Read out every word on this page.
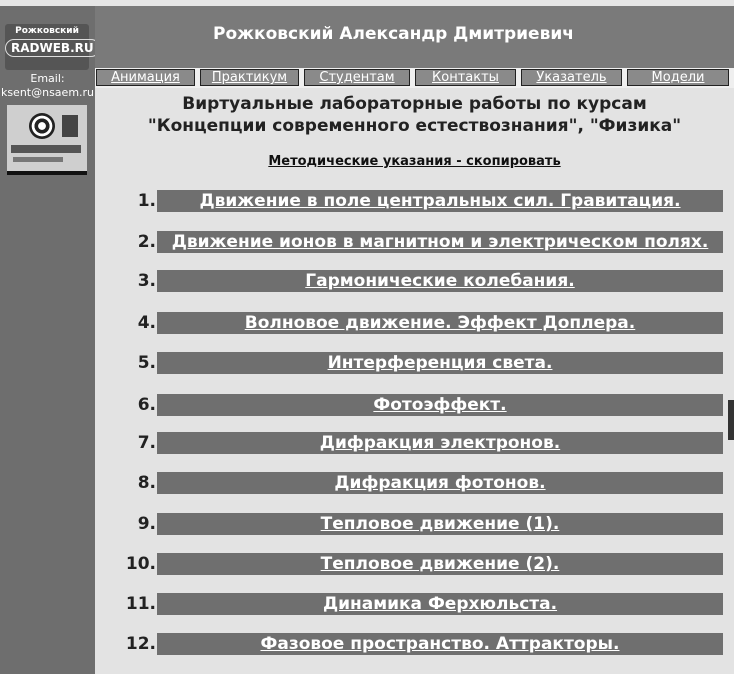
Рожковский
RADWEB.RU
Email:
ksent@nsaem.ru
Рожковский Александр Дмитриевич
Анимация	Практикум	Студентам	Контакты	Указатель	Модели
Виртуальные лабораторные работы по курсам
"Концепции современного естествознания", "Физика"
Методические указания - скопировать
1.	Движение в поле центральных сил. Гравитация.
2. Движение ионов в магнитном и электрическом полях.
3.	Гармонические колебания.
4.	Волновое движение. Эффект Доплера.
5.	Интерференция света.
6.	Фотоэффект.
7.	Дифракция электронов.
8.	Дифракция фотонов.
9.	Тепловое движение (1).
10.	Тепловое движение (2).
11.	Динамика Ферхюльста.
12.	Фазовое пространство. Аттракторы.
